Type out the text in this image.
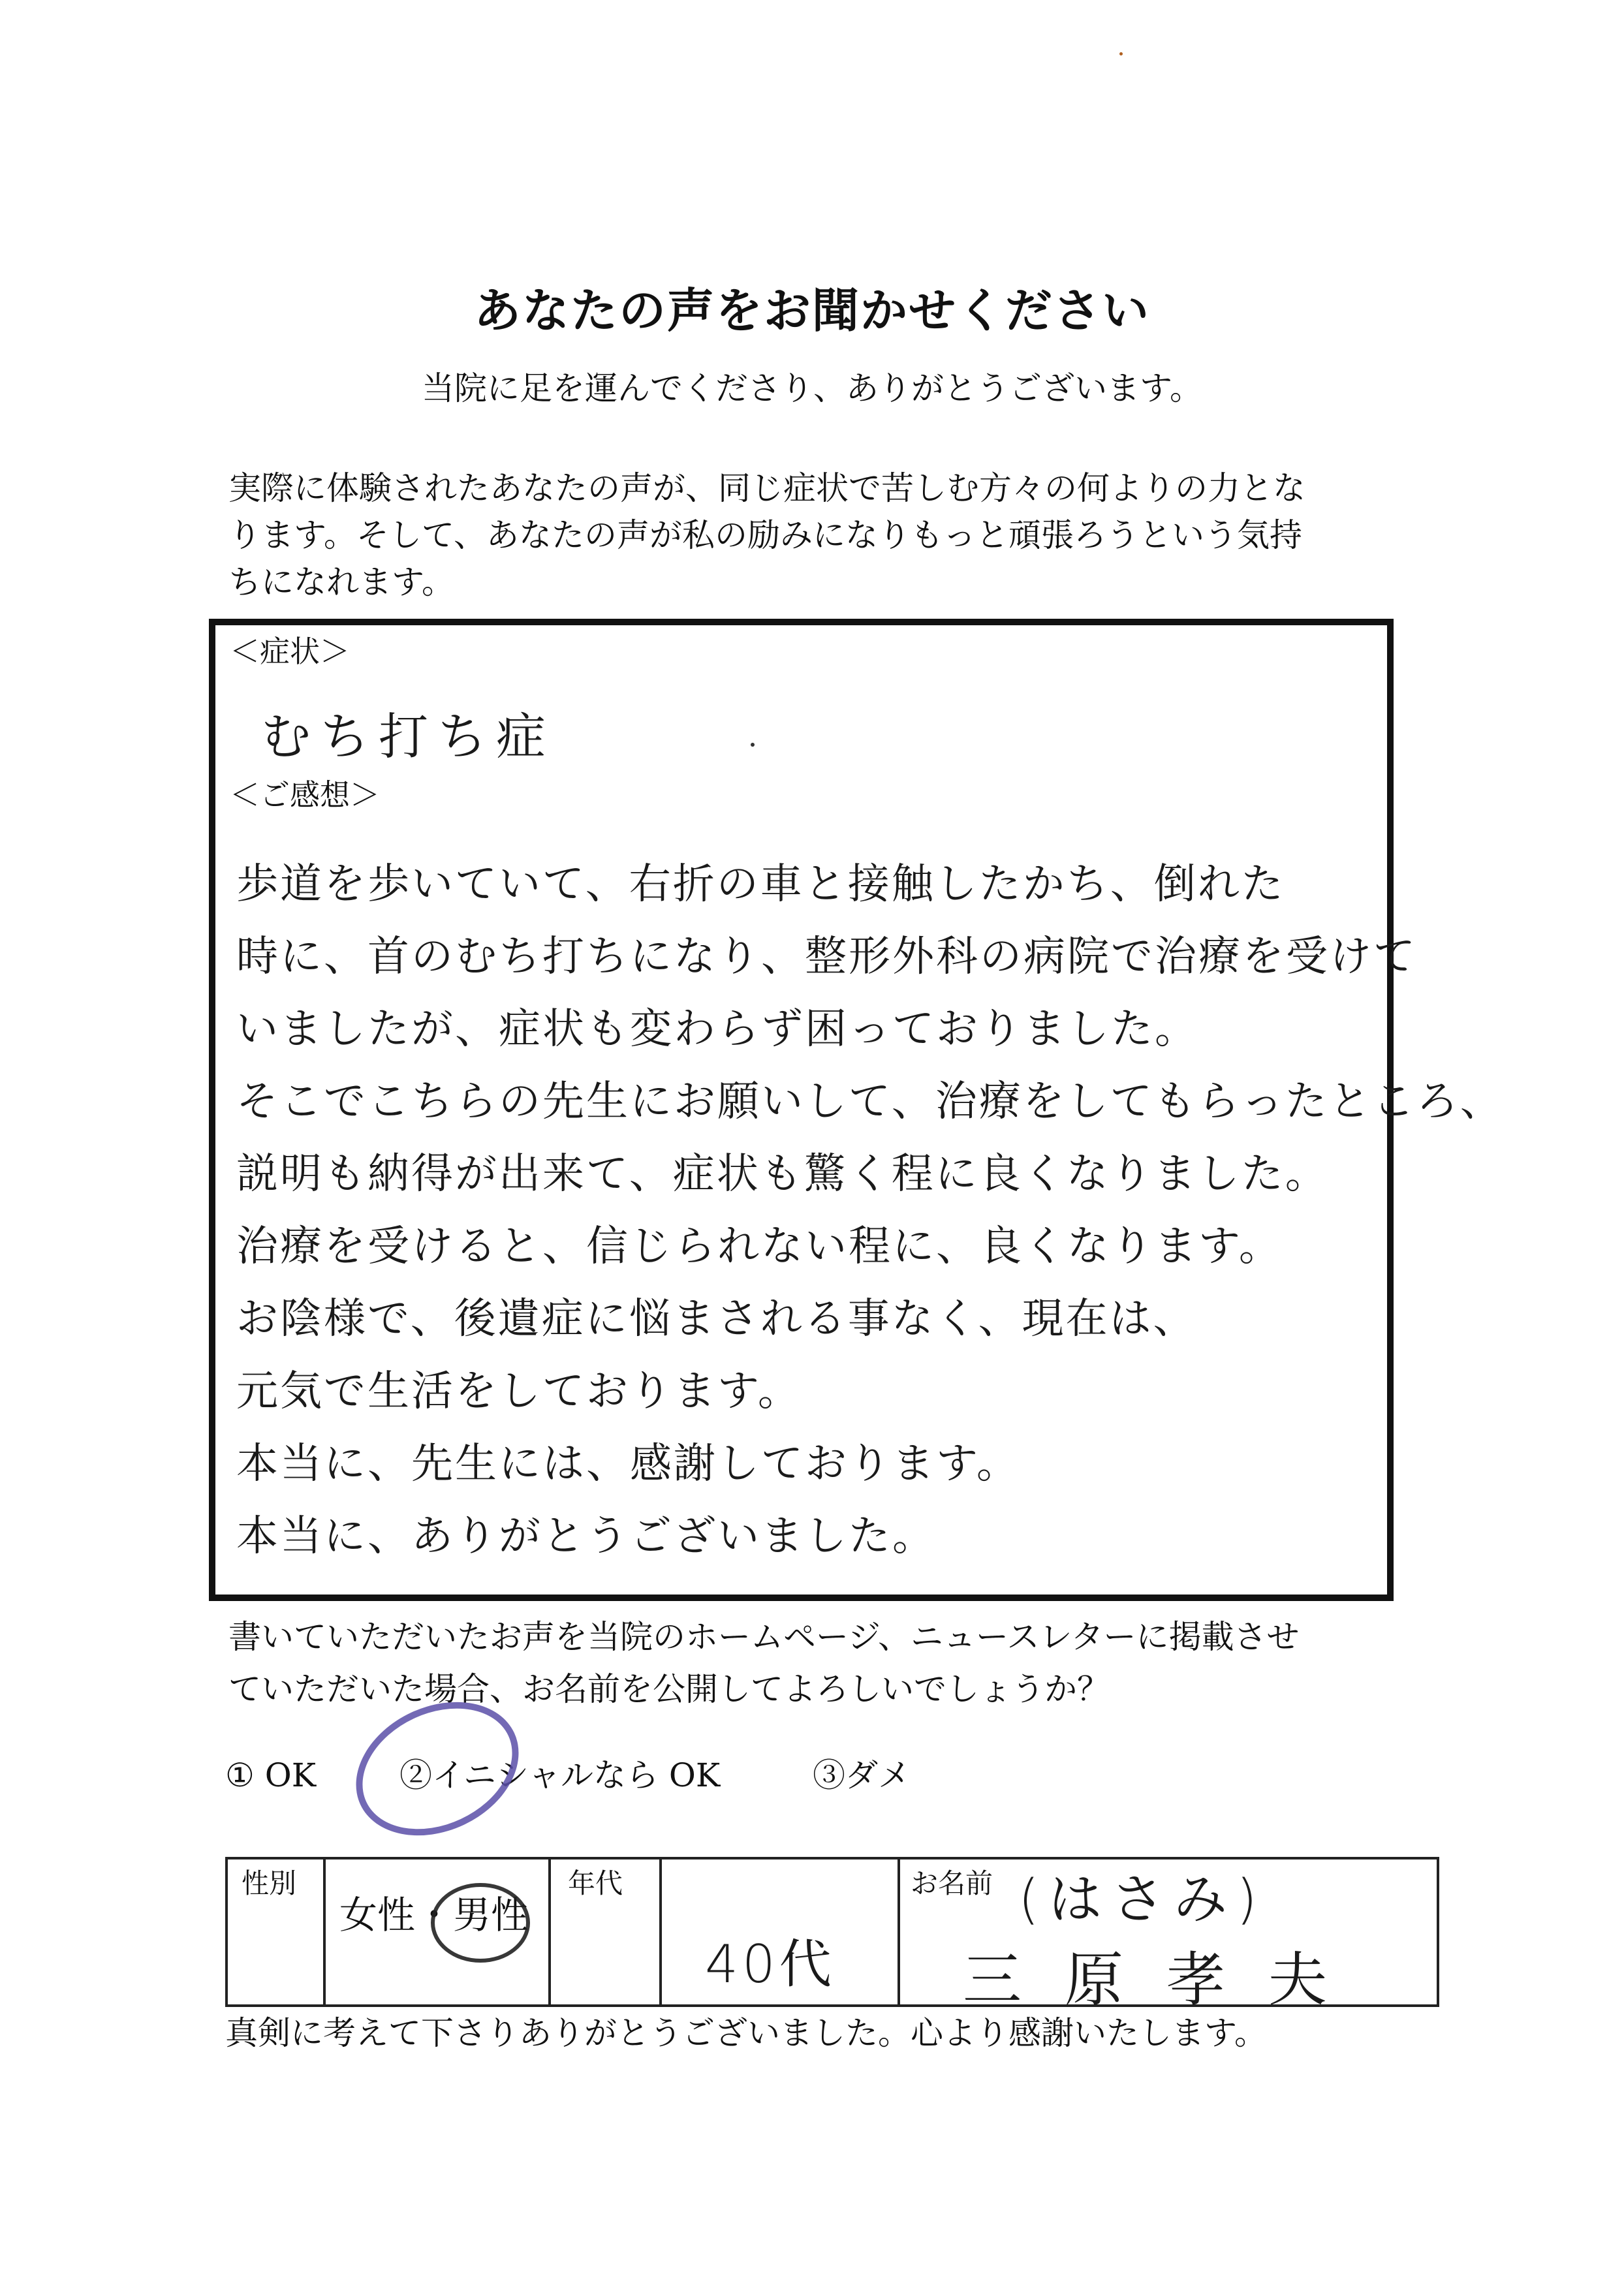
あなたの声をお聞かせください
当院に足を運んでくださり、ありがとうございます。
実際に体験されたあなたの声が、同じ症状で苦しむ方々の何よりの力とな
ります。そして、あなたの声が私の励みになりもっと頑張ろうという気持
ちになれます。
＜症状＞
むち打ち症
＜ご感想＞
歩道を歩いていて、右折の車と接触したかち、倒れた
時に、首のむち打ちになり、整形外科の病院で治療を受けて
いましたが、症状も変わらず困っておりました。
そこでこちらの先生にお願いして、治療をしてもらったところ、
説明も納得が出来て、症状も驚く程に良くなりました。
治療を受けると、信じられない程に、良くなります。
お陰様で、後遺症に悩まされる事なく、現在は、
元気で生活をしております。
本当に、先生には、感謝しております。
本当に、ありがとうございました。
書いていただいたお声を当院のホームページ、ニュースレターに掲載させ
ていただいた場合、お名前を公開してよろしいでしょうか？
① OK	②イニシャルなら OK	③ダメ
性別
女性・男性
年代
40代
お名前 (はさみ)
三原孝夫
真剣に考えて下さりありがとうございました。心より感謝いたします。
